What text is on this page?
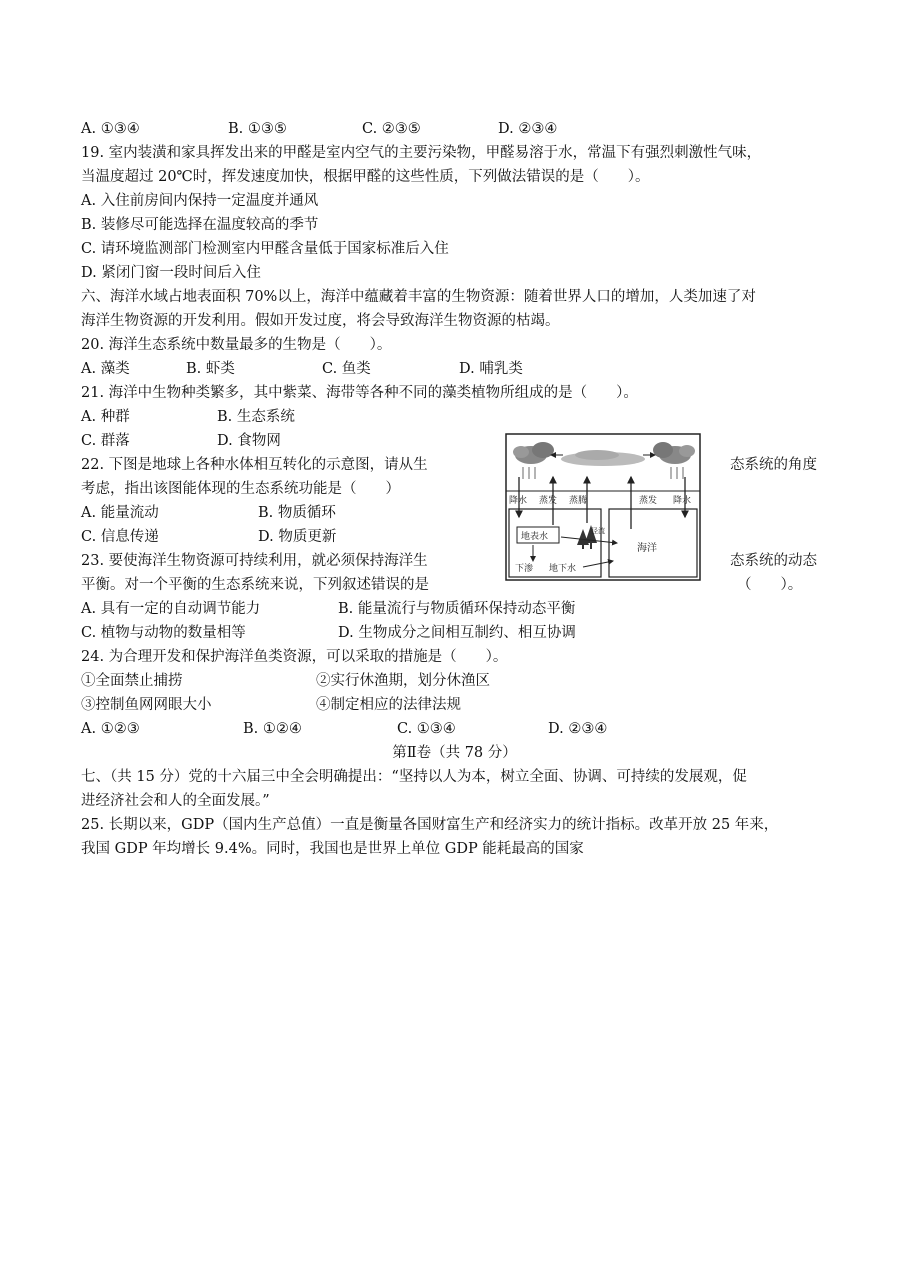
A. ①③④	B. ①③⑤	C. ②③⑤	D. ②③④
19. 室内装潢和家具挥发出来的甲醛是室内空气的主要污染物，甲醛易溶于水，常温下有强烈刺激性气味，
当温度超过 20℃时，挥发速度加快，根据甲醛的这些性质，下列做法错误的是（　　）。
A. 入住前房间内保持一定温度并通风
B. 装修尽可能选择在温度较高的季节
C. 请环境监测部门检测室内甲醛含量低于国家标准后入住
D. 紧闭门窗一段时间后入住
六、海洋水域占地表面积 70%以上，海洋中蕴藏着丰富的生物资源：随着世界人口的增加，人类加速了对
海洋生物资源的开发利用。假如开发过度，将会导致海洋生物资源的枯竭。
20. 海洋生态系统中数量最多的生物是（　　）。
A. 藻类	B. 虾类	C. 鱼类	D. 哺乳类
21. 海洋中生物种类繁多，其中紫菜、海带等各种不同的藻类植物所组成的是（　　）。
A. 种群	B. 生态系统
C. 群落	D. 食物网
22. 下图是地球上各种水体相互转化的示意图，请从生	态系统的角度
考虑，指出该图能体现的生态系统功能是（　　）
A. 能量流动	B. 物质循环
C. 信息传递	D. 物质更新
23. 要使海洋生物资源可持续利用，就必须保持海洋生	态系统的动态
平衡。对一个平衡的生态系统来说，下列叙述错误的是	（　　）。
A. 具有一定的自动调节能力	B. 能量流行与物质循环保持动态平衡
C. 植物与动物的数量相等	D. 生物成分之间相互制约、相互协调
24. 为合理开发和保护海洋鱼类资源，可以采取的措施是（　　）。
①全面禁止捕捞	②实行休渔期，划分休渔区
③控制鱼网网眼大小	④制定相应的法律法规
A. ①②③	B. ①②④	C. ①③④	D. ②③④
第Ⅱ卷（共 78 分）
七、（共 15 分）党的十六届三中全会明确提出：“坚持以人为本，树立全面、协调、可持续的发展观，促
进经济社会和人的全面发展。”
25. 长期以来，GDP（国内生产总值）一直是衡量各国财富生产和经济实力的统计指标。改革开放 25 年来，
我国 GDP 年均增长 9.4%。同时，我国也是世界上单位 GDP 能耗最高的国家
降水 蒸发 蒸腾	蒸发 降水
地表水
径流
下渗 地下水
海洋
